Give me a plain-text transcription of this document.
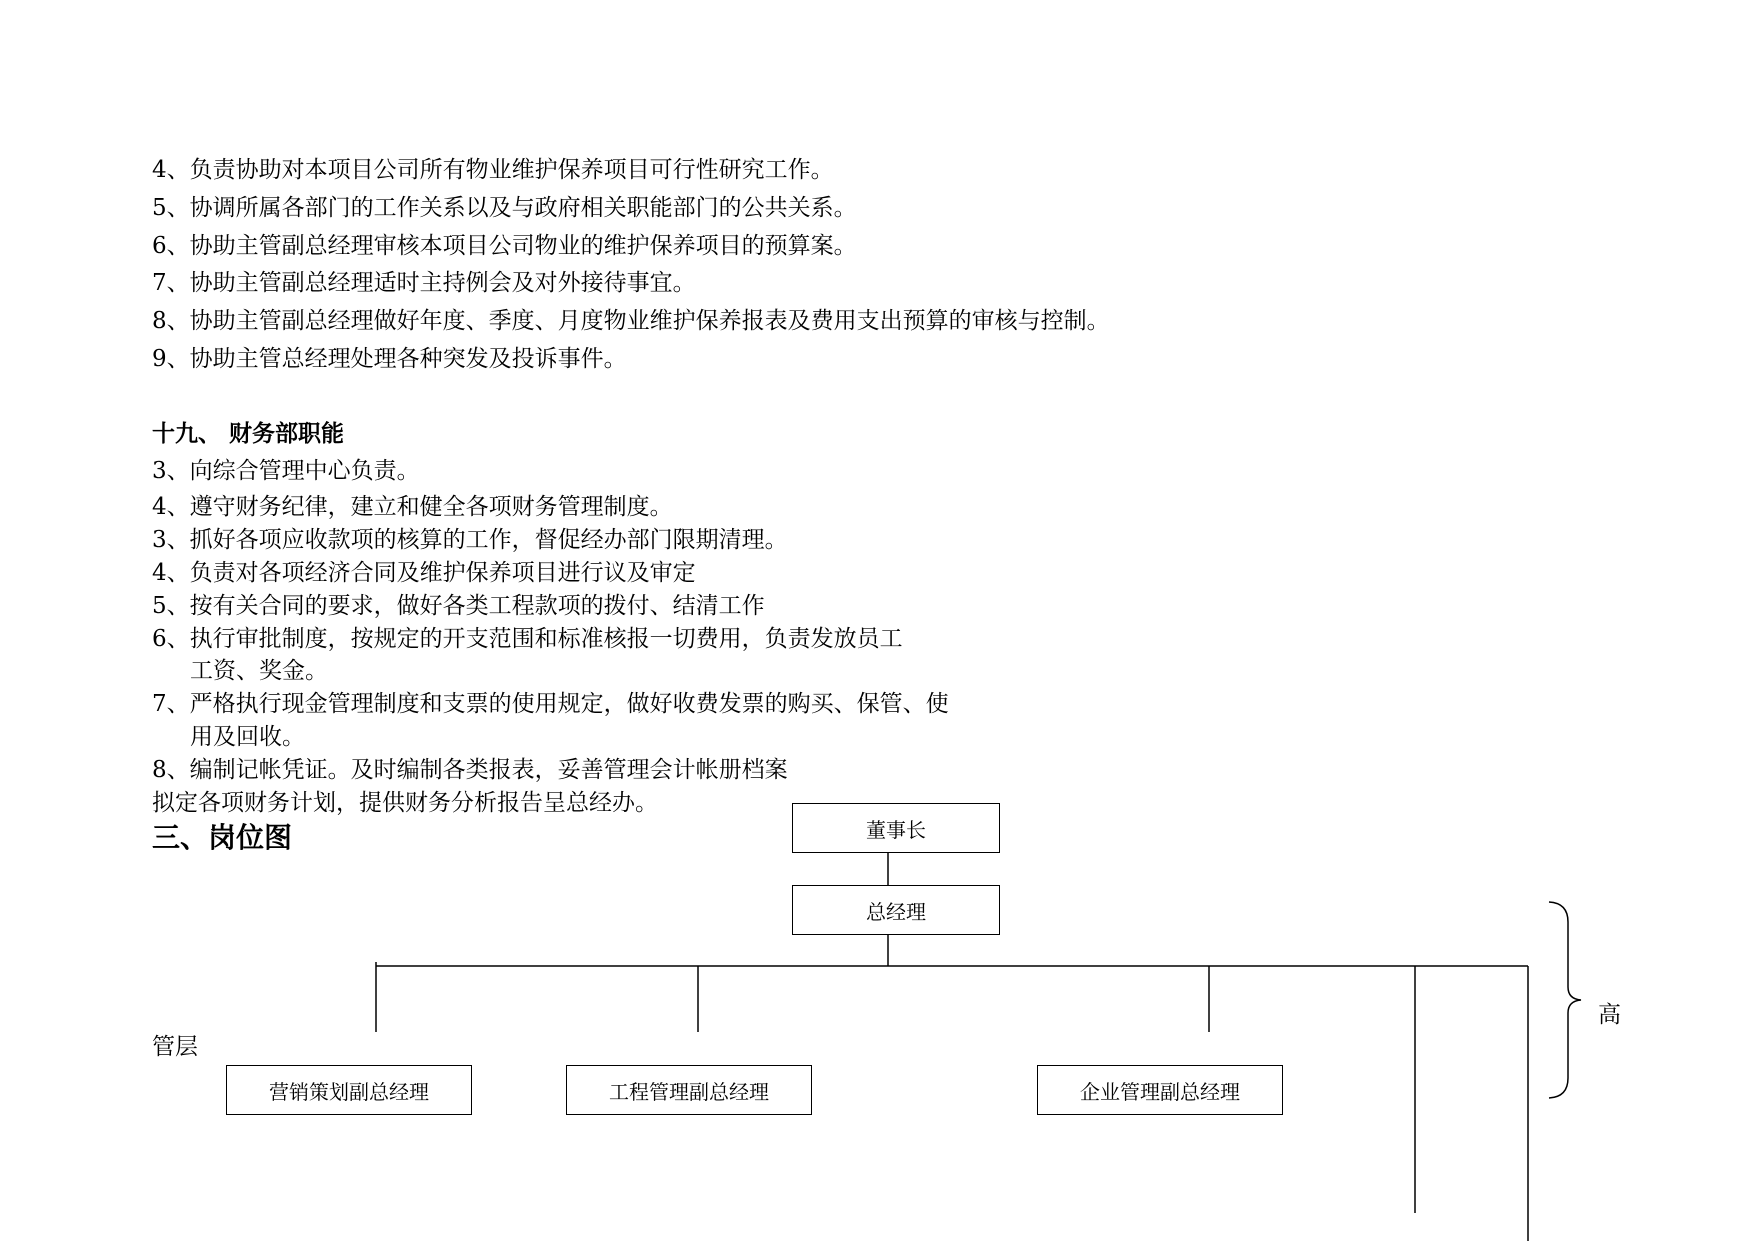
4、负责协助对本项目公司所有物业维护保养项目可行性研究工作。

5、协调所属各部门的工作关系以及与政府相关职能部门的公共关系。

6、协助主管副总经理审核本项目公司物业的维护保养项目的预算案。

7、协助主管副总经理适时主持例会及对外接待事宜。

8、协助主管副总经理做好年度、季度、月度物业维护保养报表及费用支出预算的审核与控制。

9、协助主管总经理处理各种突发及投诉事件。

十九、 财务部职能

3、向综合管理中心负责。

4、遵守财务纪律，建立和健全各项财务管理制度。

3、抓好各项应收款项的核算的工作，督促经办部门限期清理。

4、负责对各项经济合同及维护保养项目进行议及审定

5、按有关合同的要求，做好各类工程款项的拨付、结清工作

6、执行审批制度，按规定的开支范围和标准核报一切费用，负责发放员工

工资、奖金。

7、严格执行现金管理制度和支票的使用规定，做好收费发票的购买、保管、使

用及回收。

8、编制记帐凭证。及时编制各类报表，妥善管理会计帐册档案

拟定各项财务计划，提供财务分析报告呈总经办。

三、岗位图	董事长
总经理
营销策划副总经理	工程管理副总经理	企业管理副总经理
管层
高
